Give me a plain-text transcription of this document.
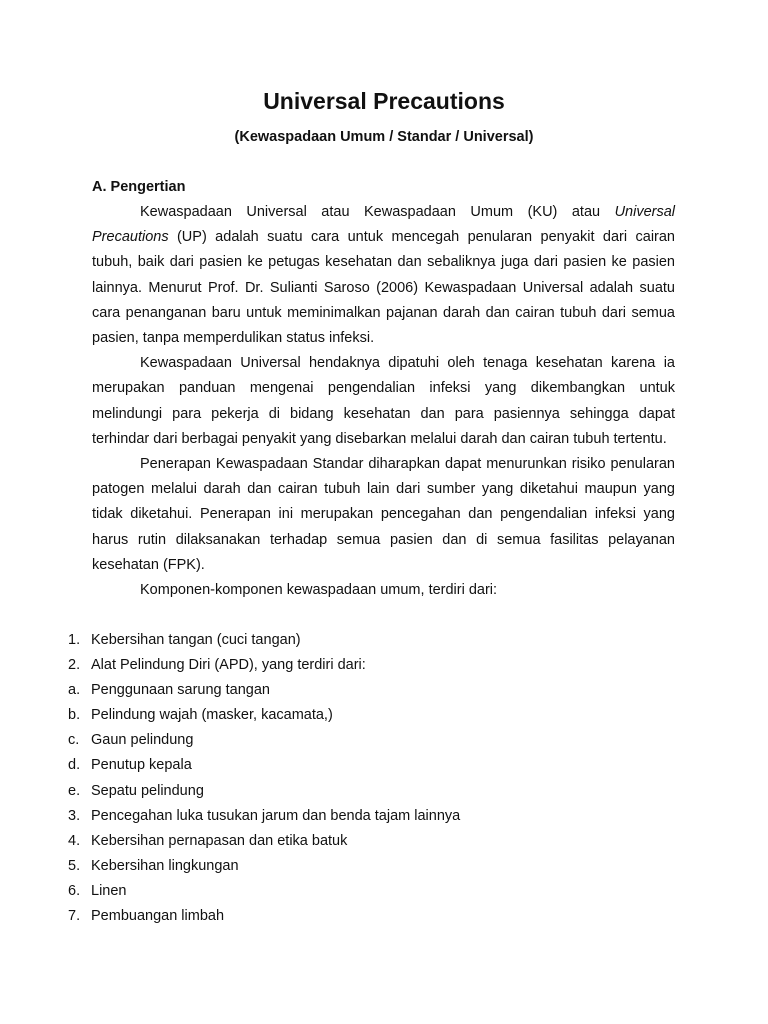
Universal Precautions
(Kewaspadaan Umum / Standar / Universal)
A. Pengertian

Kewaspadaan Universal atau Kewaspadaan Umum (KU) atau Universal Precautions (UP) adalah suatu cara untuk mencegah penularan penyakit dari cairan tubuh, baik dari pasien ke petugas kesehatan dan sebaliknya juga dari pasien ke pasien lainnya. Menurut Prof. Dr. Sulianti Saroso (2006) Kewaspadaan Universal adalah suatu cara penanganan baru untuk meminimalkan pajanan darah dan cairan tubuh dari semua pasien, tanpa memperdulikan status infeksi.

Kewaspadaan Universal hendaknya dipatuhi oleh tenaga kesehatan karena ia merupakan panduan mengenai pengendalian infeksi yang dikembangkan untuk melindungi para pekerja di bidang kesehatan dan para pasiennya sehingga dapat terhindar dari berbagai penyakit yang disebarkan melalui darah dan cairan tubuh tertentu.

Penerapan Kewaspadaan Standar diharapkan dapat menurunkan risiko penularan patogen melalui darah dan cairan tubuh lain dari sumber yang diketahui maupun yang tidak diketahui. Penerapan ini merupakan pencegahan dan pengendalian infeksi yang harus rutin dilaksanakan terhadap semua pasien dan di semua fasilitas pelayanan kesehatan (FPK).

Komponen-komponen kewaspadaan umum, terdiri dari:

1. Kebersihan tangan (cuci tangan)
2. Alat Pelindung Diri (APD), yang terdiri dari:
a. Penggunaan sarung tangan
b. Pelindung wajah (masker, kacamata,)
c. Gaun pelindung
d. Penutup kepala
e. Sepatu pelindung
3. Pencegahan luka tusukan jarum dan benda tajam lainnya
4. Kebersihan pernapasan dan etika batuk
5. Kebersihan lingkungan
6. Linen
7. Pembuangan limbah
